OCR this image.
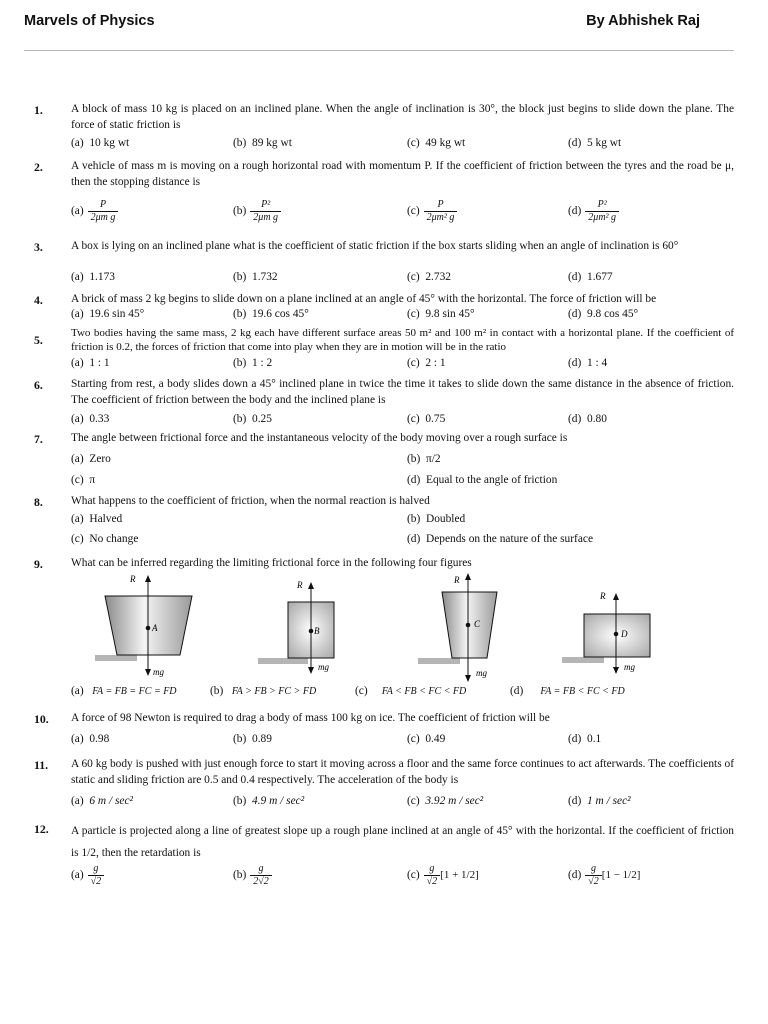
Marvels of Physics	By Abhishek Raj
1. A block of mass 10 kg is placed on an inclined plane. When the angle of inclination is 30°, the block just begins to slide down the plane. The force of static friction is
(a) 10 kg wt	(b) 89 kg wt	(c) 49 kg wt	(d) 5 kg wt
2. A vehicle of mass m is moving on a rough horizontal road with momentum P. If the coefficient of friction between the tyres and the road be μ, then the stopping distance is
$(a) \frac{P}{\text{2μm g}}$	$(b) \frac{\text{P²}}{\text{2μm g}}$	$(c) \frac{P}{\text{2μm² g}}$	$(d) \frac{\text{P²}}{\text{2μm² g}}$
3. A box is lying on an inclined plane what is the coefficient of static friction if the box starts sliding when an angle of inclination is 60°
(a) 1.173	(b) 1.732	(c) 2.732	(d) 1.677
4. A brick of mass 2 kg begins to slide down on a plane inclined at an angle of 45° with the horizontal. The force of friction will be
(a) 19.6 sin 45°	(b) 19.6 cos 45°	(c) 9.8 sin 45°	(d) 9.8 cos 45°
5.	Two bodies having the same mass, 2 kg each have different surface areas 50 m² and 100 m² in contact with a horizontal plane. If the coefficient of friction is 0.2, the forces of friction that come into play when they are in motion will be in the ratio
(a) 1 : 1	(b) 1 : 2	(c) 2 : 1	(d) 1 : 4
6. Starting from rest, a body slides down a 45° inclined plane in twice the time it takes to slide down the same distance in the absence of friction. The coefficient of friction between the body and the inclined plane is
(a) 0.33	(b) 0.25	(c) 0.75	(d) 0.80
7. The angle between frictional force and the instantaneous velocity of the body moving over a rough surface is
(a) Zero	(b) π/2
(c) π	(d) Equal to the angle of friction
8. What happens to the coefficient of friction, when the normal reaction is halved
(a) Halved	(b) Doubled
(c) No change	(d) Depends on the nature of the surface
9. What can be inferred regarding the limiting frictional force in the following four figures
R
A
mg
R
B
mg
R
C
mg
R
D
mg
(a) FA = FB = FC = FD	(b) FA > FB > FC > FD	(c) FA < FB < FC < FD	(d) FA = FB < FC < FD
10. A force of 98 Newton is required to drag a body of mass 100 kg on ice. The coefficient of friction will be
(a) 0.98	(b) 0.89	(c) 0.49	(d) 0.1
11. A 60 kg body is pushed with just enough force to start it moving across a floor and the same force continues to act afterwards. The coefficients of static and sliding friction are 0.5 and 0.4 respectively. The acceleration of the body is
(a) 6 m / sec²	(b) 4.9 m / sec²	(c) 3.92 m / sec²	(d) 1 m / sec²
12. A particle is projected along a line of greatest slope up a rough plane inclined at an angle of 45° with the horizontal. If the coefficient of friction is 1/2, then the retardation is
$(a) \frac{g}{√2}$	$(b) \frac{g}{2√2}$	$(c) \frac{g}{√2} [1 + 1/2]$	$(d) \frac{g}{√2} [1 - 1/2]$
